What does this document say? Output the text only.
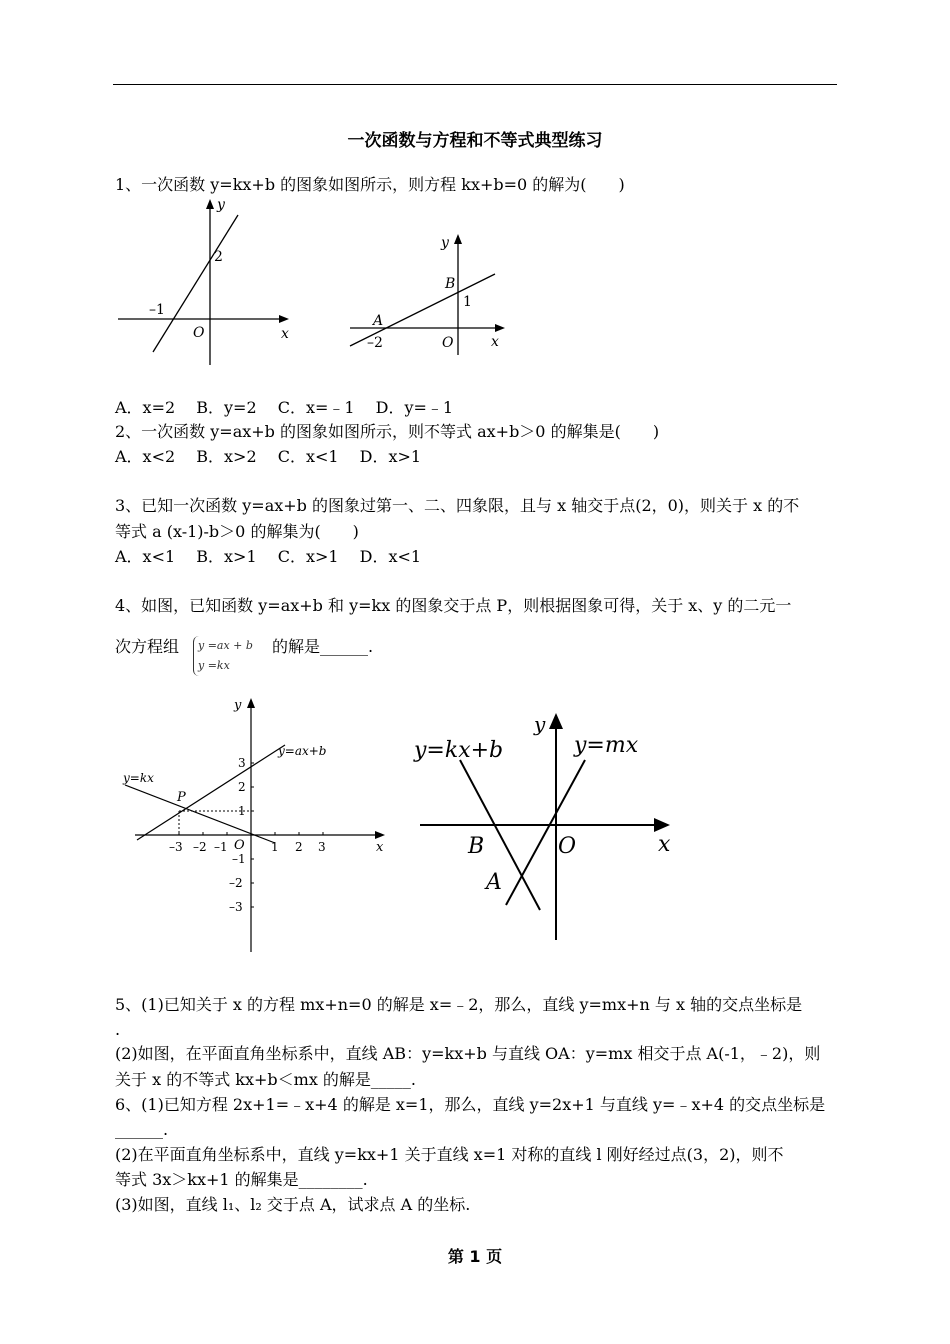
一次函数与方程和不等式典型练习
1、一次函数 y=kx+b 的图象如图所示，则方程 kx+b=0 的解为(　　)
y
x
O
2
–1
y
x
O
A
B
1
–2
A．x=2　 B．y=2　 C．x=﹣1　 D．y=﹣1
2、一次函数 y=ax+b 的图象如图所示，则不等式 ax+b＞0 的解集是(　　)
A．x<2　 B．x>2　 C．x<1　 D．x>1
3、已知一次函数 y=ax+b 的图象过第一、二、四象限，且与 x 轴交于点(2，0)，则关于 x 的不
等式 a (x-1)-b＞0 的解集为(　　)
A．x<1　 B．x>1　 C．x>1　 D．x<1
4、如图，已知函数 y=ax+b 和 y=kx 的图象交于点 P，则根据图象可得，关于 x、y 的二元一
次方程组 y =ax + b
y =kx
的解是______.
y
x
O
y=ax+b
y=kx
P
–3 –2 –1	1 2 3
3
2
1
–1
–2
–3
y
x
O
y=kx+b	y=mx
B
A
5、(1)已知关于 x 的方程 mx+n=0 的解是 x=﹣2，那么，直线 y=mx+n 与 x 轴的交点坐标是
.
(2)如图，在平面直角坐标系中，直线 AB：y=kx+b 与直线 OA：y=mx 相交于点 A(-1，﹣2)，则
关于 x 的不等式 kx+b＜mx 的解是_____.
6、(1)已知方程 2x+1=﹣x+4 的解是 x=1，那么，直线 y=2x+1 与直线 y=﹣x+4 的交点坐标是
______.
(2)在平面直角坐标系中，直线 y=kx+1 关于直线 x=1 对称的直线 l 刚好经过点(3，2)，则不
等式 3x＞kx+1 的解集是________.
(3)如图，直线 l₁、l₂ 交于点 A，试求点 A 的坐标.
第 1 页
